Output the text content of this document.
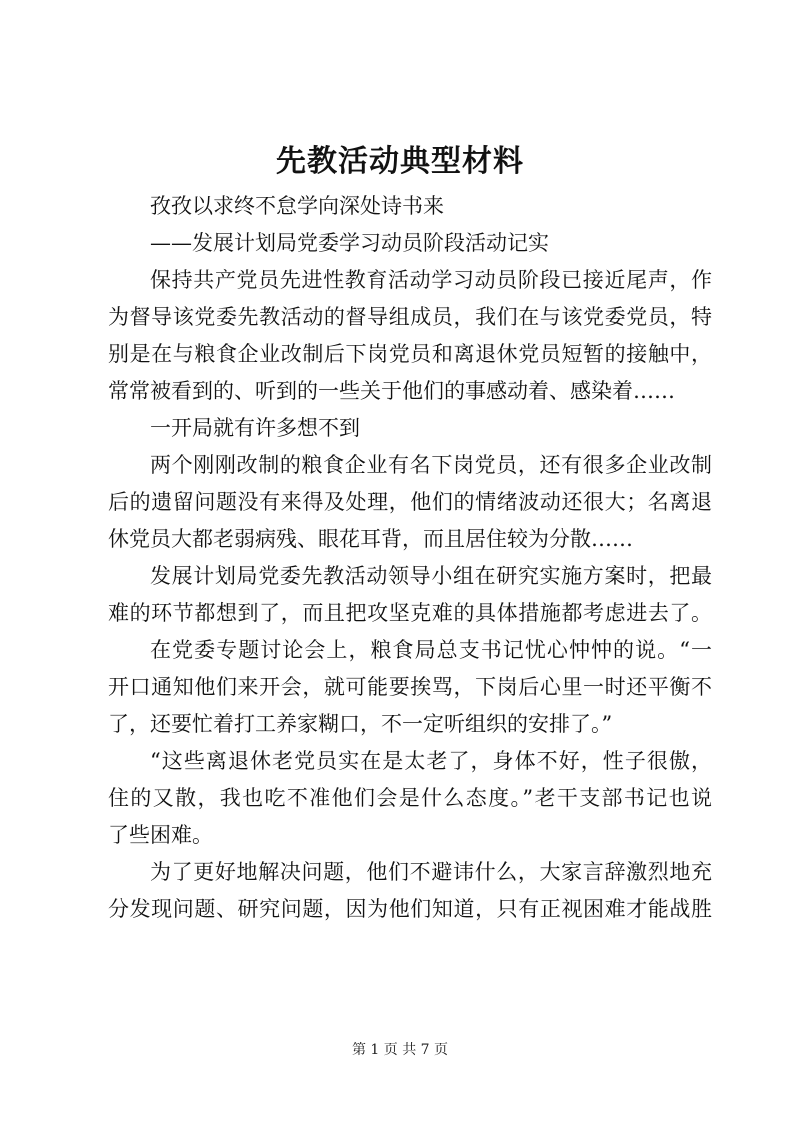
先教活动典型材料
孜孜以求终不怠学向深处诗书来
——发展计划局党委学习动员阶段活动记实
保持共产党员先进性教育活动学习动员阶段已接近尾声，作
为督导该党委先教活动的督导组成员，我们在与该党委党员，特
别是在与粮食企业改制后下岗党员和离退休党员短暂的接触中，
常常被看到的、听到的一些关于他们的事感动着、感染着……
一开局就有许多想不到
两个刚刚改制的粮食企业有名下岗党员，还有很多企业改制
后的遗留问题没有来得及处理，他们的情绪波动还很大；名离退
休党员大都老弱病残、眼花耳背，而且居住较为分散……
发展计划局党委先教活动领导小组在研究实施方案时，把最
难的环节都想到了，而且把攻坚克难的具体措施都考虑进去了。
在党委专题讨论会上，粮食局总支书记忧心忡忡的说。“一
开口通知他们来开会，就可能要挨骂，下岗后心里一时还平衡不
了，还要忙着打工养家糊口，不一定听组织的安排了。”
“这些离退休老党员实在是太老了，身体不好，性子很傲，
住的又散，我也吃不准他们会是什么态度。”老干支部书记也说
了些困难。
为了更好地解决问题，他们不避讳什么，大家言辞激烈地充
分发现问题、研究问题，因为他们知道，只有正视困难才能战胜
第 1 页 共 7 页
